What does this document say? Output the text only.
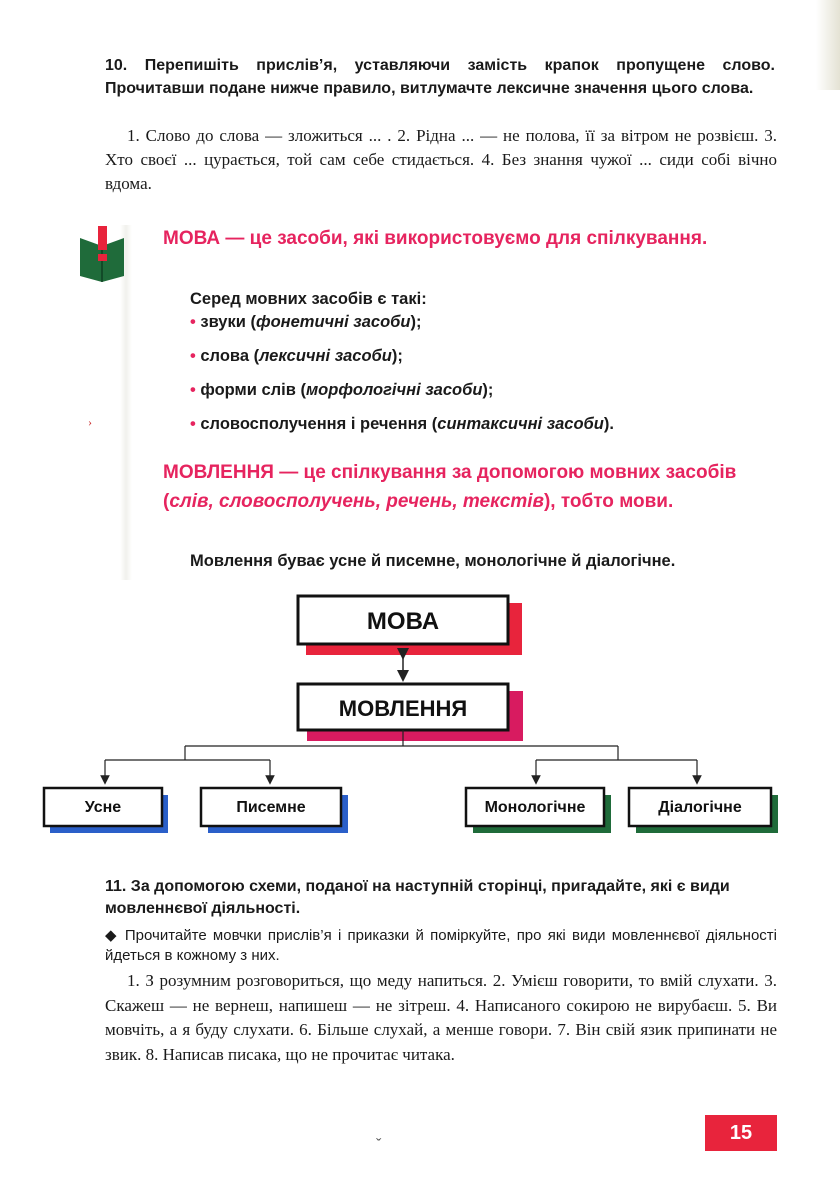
10. Перепишіть прислів’я, уставляючи замість крапок пропущене слово. Прочитавши подане нижче правило, витлумачте лексичне значення цього слова.
1. Слово до слова — зложиться ... . 2. Рідна ... — не полова, її за вітром не розвієш. 3. Хто своєї ... цурається, той сам себе стидається. 4. Без знання чужої ... сиди собі вічно вдома.
›
МОВА — це засоби, які використовуємо для спілкування.
Серед мовних засобів є такі:
• звуки (фонетичні засоби);
• слова (лексичні засоби);
• форми слів (морфологічні засоби);
• словосполучення і речення (синтаксичні засоби).
МОВЛЕННЯ — це спілкування за допомогою мовних засобів (слів, словосполучень, речень, текстів), тобто мови.
Мовлення буває усне й писемне, монологічне й діалогічне.
МОВА
МОВЛЕННЯ
Усне	Писемне	Монологічне	Діалогічне
11. За допомогою схеми, поданої на наступній сторінці, пригадайте, які є види мовленнєвої діяльності.
◆ Прочитайте мовчки прислів’я і приказки й поміркуйте, про які види мовленнєвої діяльності йдеться в кожному з них.
1. З розумним розговориться, що меду напиться. 2. Умієш говорити, то вмій слухати. 3. Скажеш — не вернеш, напишеш — не зітреш. 4. Написаного сокирою не вирубаєш. 5. Ви мовчіть, а я буду слухати. 6. Більше слухай, а менше говори. 7. Він свій язик припинати не звик. 8. Написав писака, що не прочитає читака.
ˬ	15
